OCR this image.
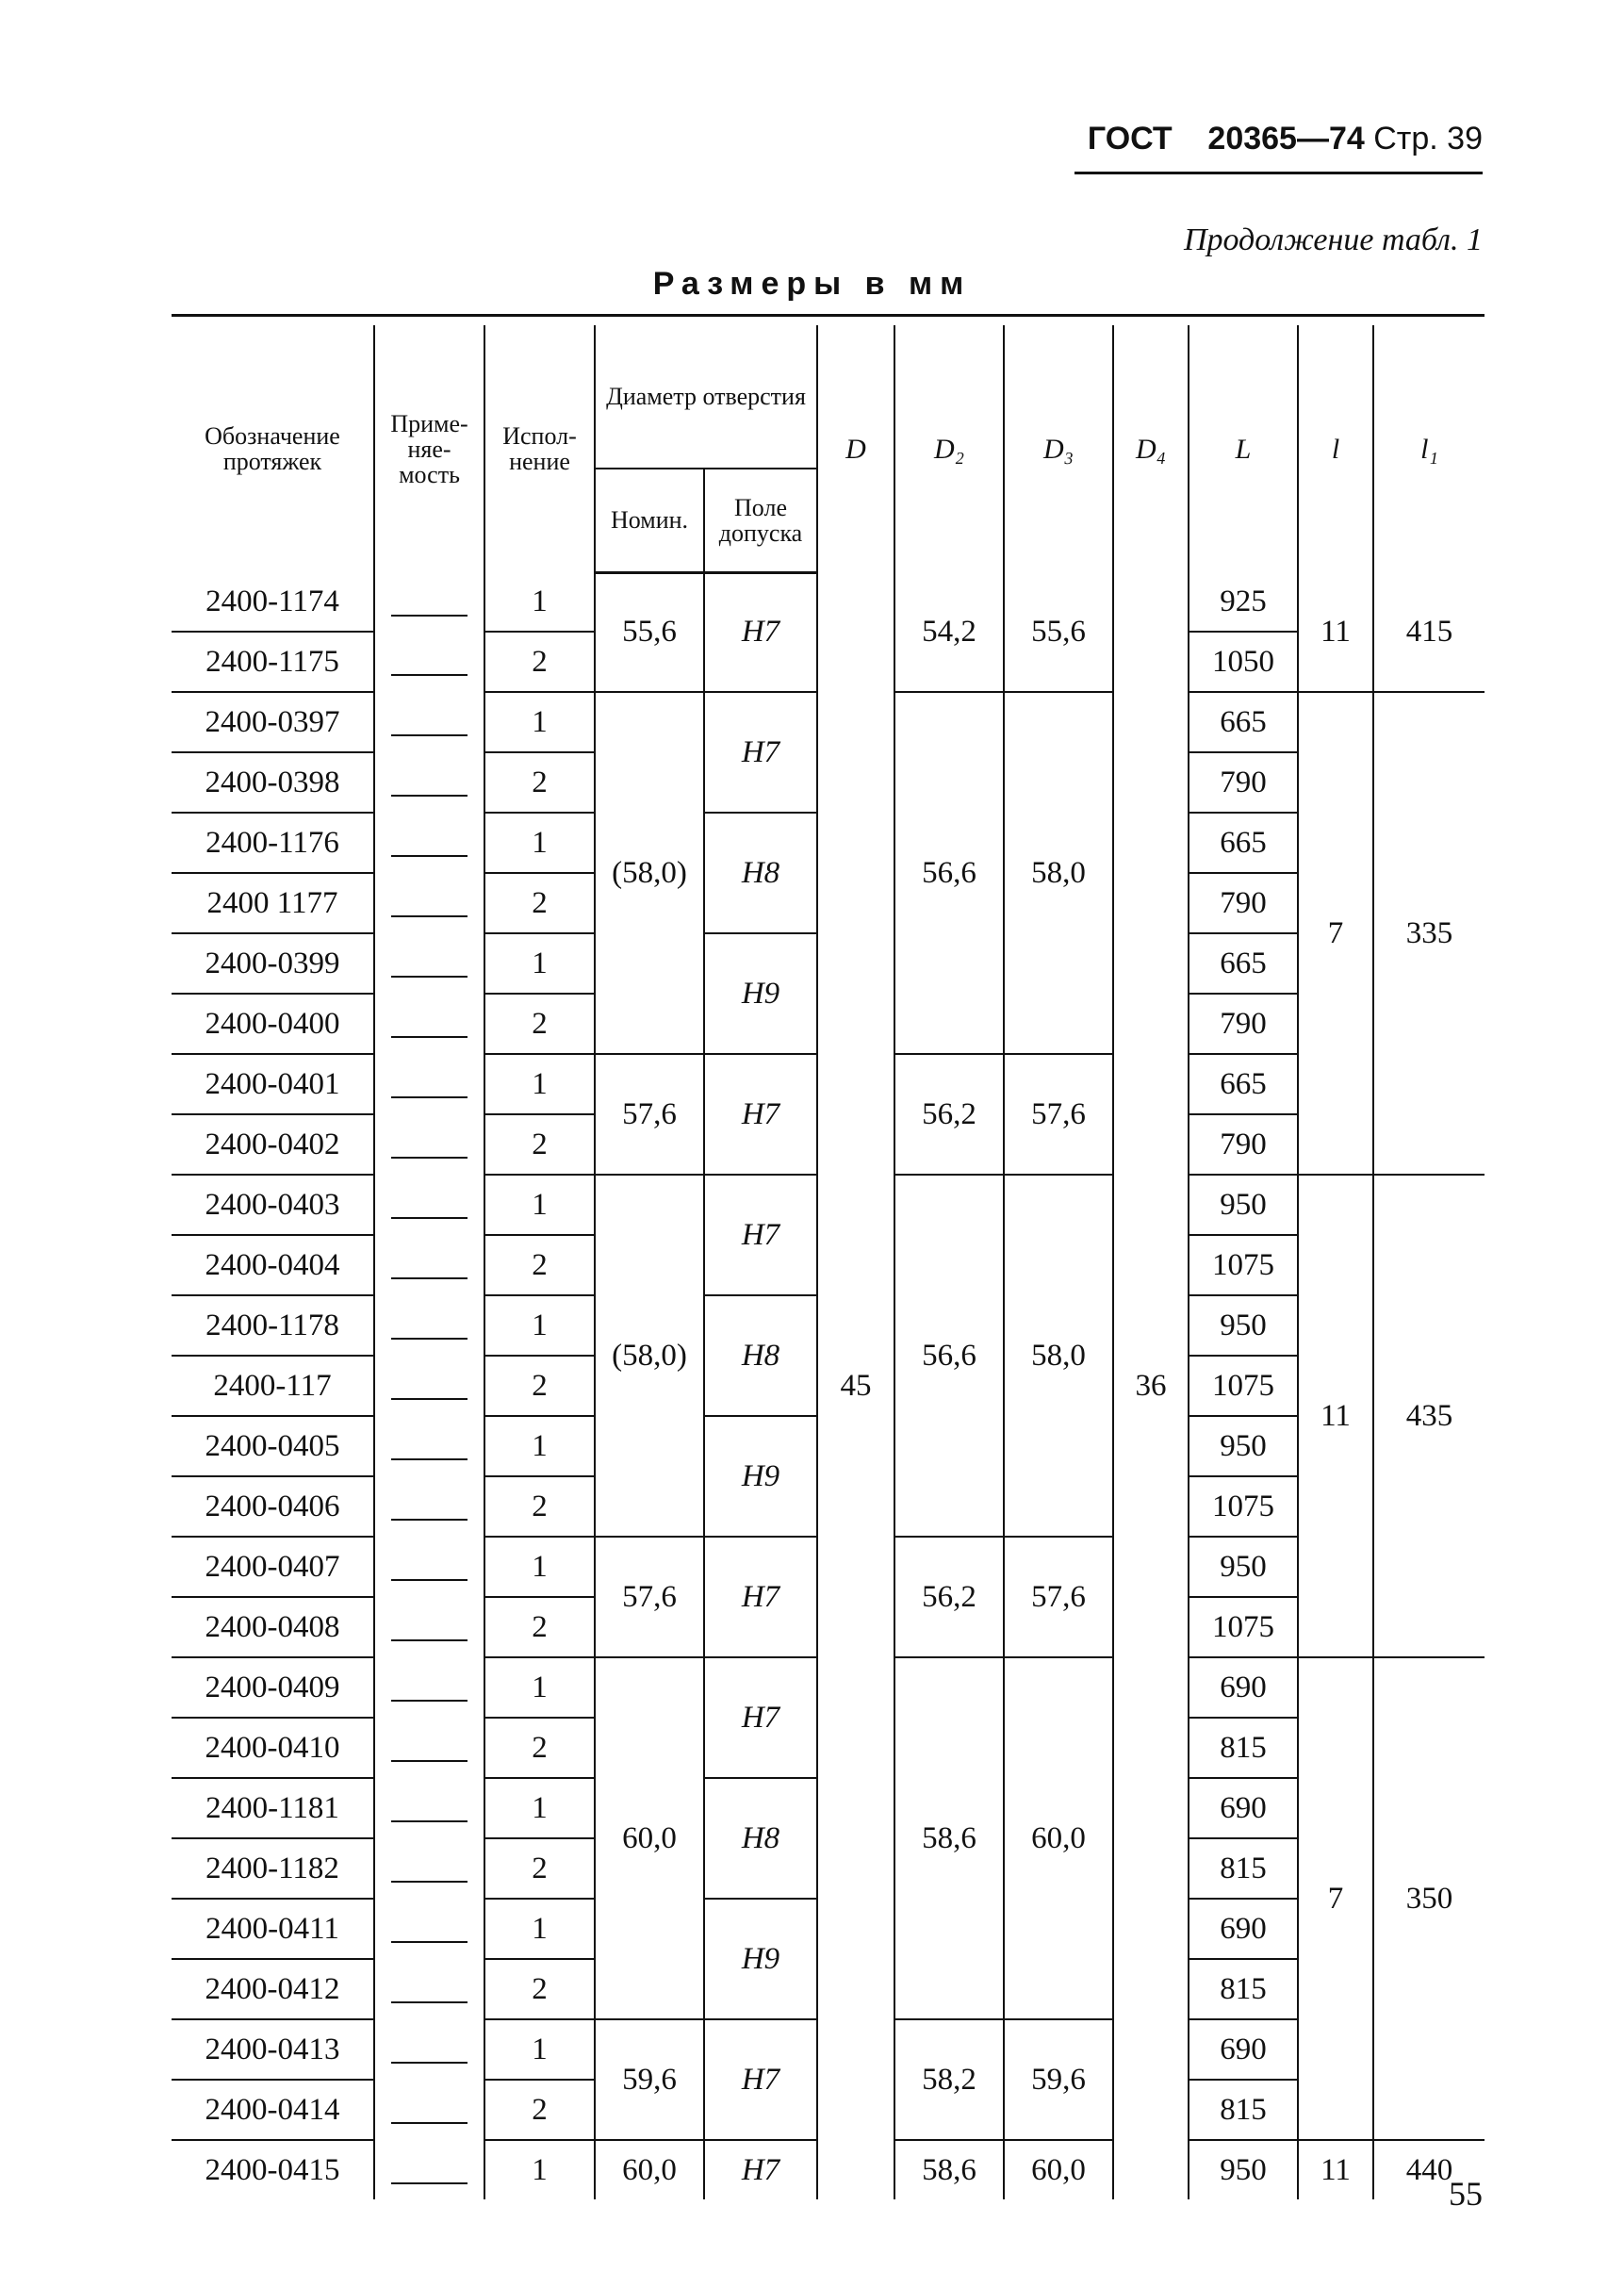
ГОСТ 20365—74 Стр. 39
Продолжение табл. 1
Размеры в мм
Обозначение протяжек	Приме- няе- мость	Испол- нение	Диаметр отверстия		D	D₂	D₃	D₄	L	l	l₁
			Номин.	Поле допуска							
2400-1174		1	55,6	H7	45	54,2	55,6	36	925	11	415
2400-1175		2							1050		
2400-0397		1	(58,0)	H7		56,6	58,0		665	7	335
2400-0398		2							790		
2400-1176		1		H8					665		
2400 1177		2							790		
2400-0399		1		H9					665		
2400-0400		2							790		
2400-0401		1	57,6	H7		56,2	57,6		665		
2400-0402		2							790		
2400-0403		1	(58,0)	H7		56,6	58,0		950	11	435
2400-0404		2							1075		
2400-1178		1		H8					950		
2400-117		2							1075		
2400-0405		1		H9					950		
2400-0406		2							1075		
2400-0407		1	57,6	H7		56,2	57,6		950		
2400-0408		2							1075		
2400-0409		1	60,0	H7		58,6	60,0		690	7	350
2400-0410		2							815		
2400-1181		1		H8					690		
2400-1182		2							815		
2400-0411		1		H9					690		
2400-0412		2							815		
2400-0413		1	59,6	H7		58,2	59,6		690		
2400-0414		2							815		
2400-0415		1	60,0	H7		58,6	60,0		950	11	440
55
